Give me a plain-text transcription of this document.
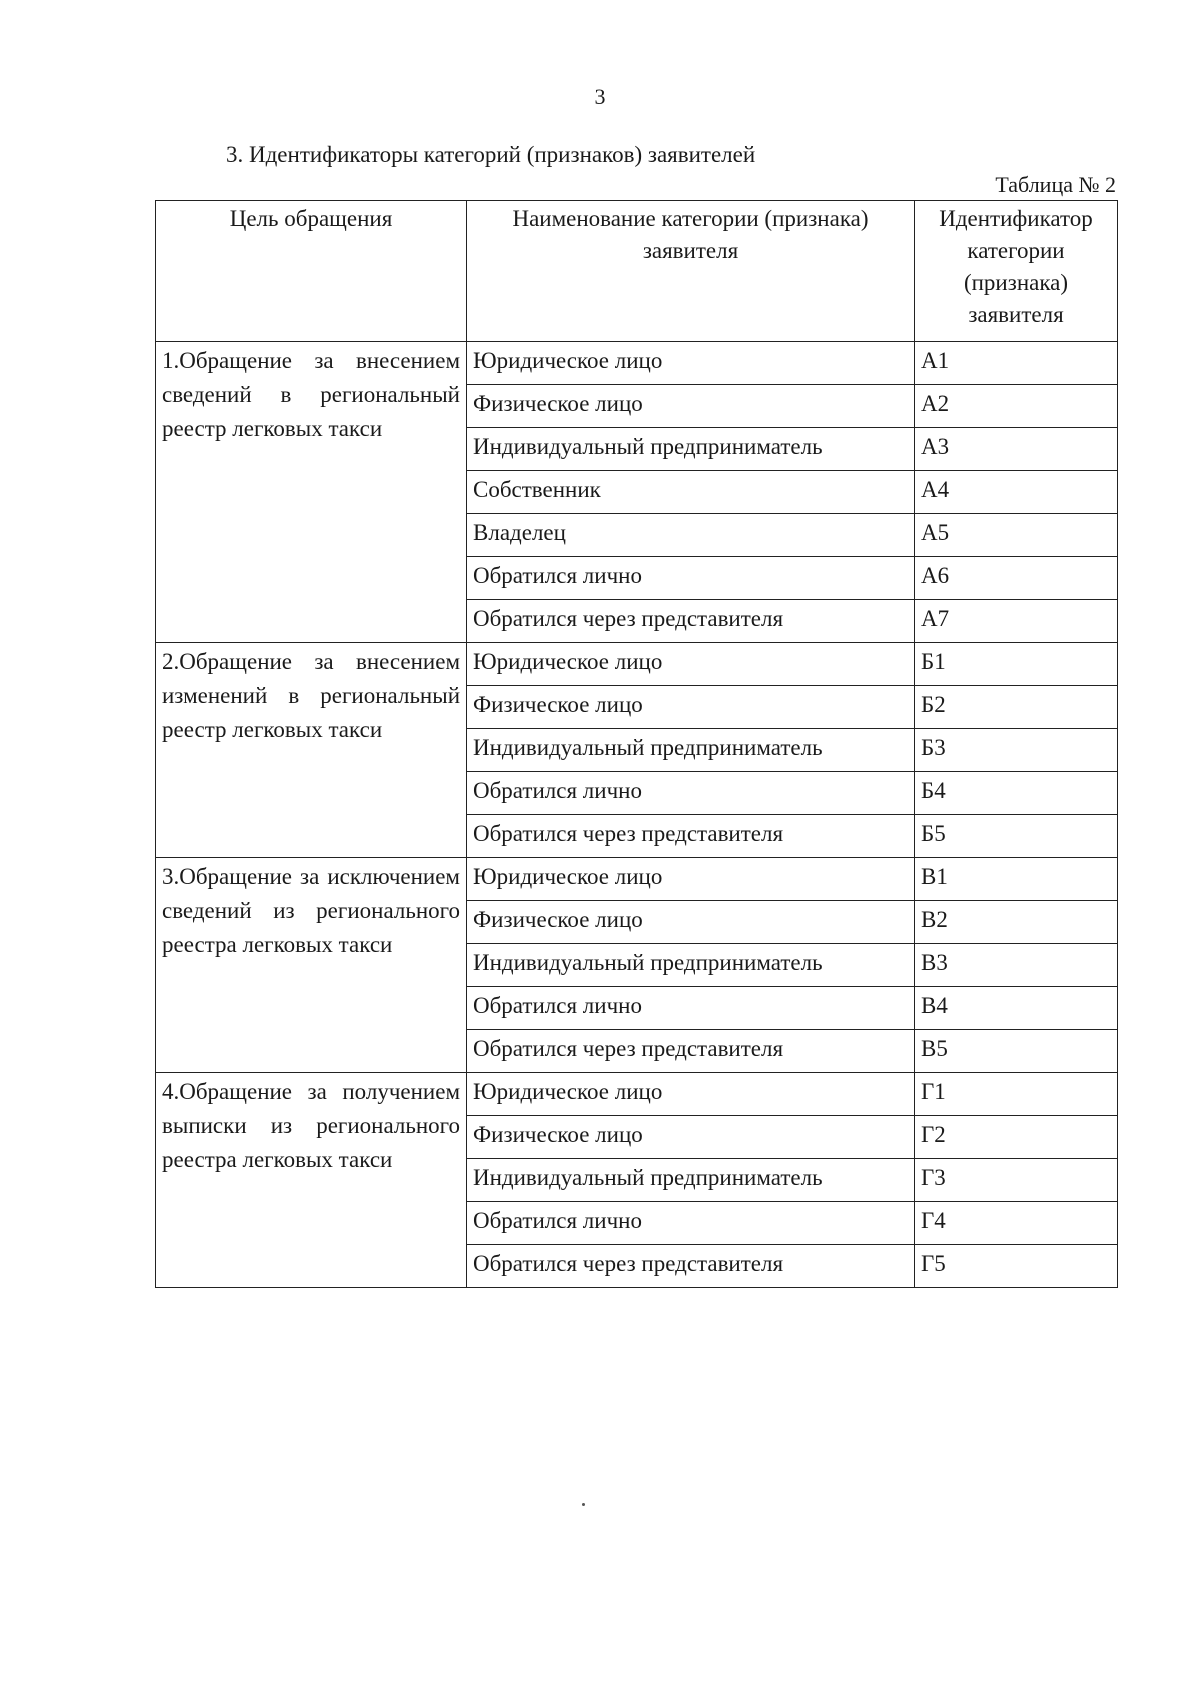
3
3. Идентификаторы категорий (признаков) заявителей
Таблица № 2
Цель обращения	Наименование категории (признака) заявителя	Идентификатор категории (признака) заявителя
1.Обращение за внесением сведений в региональный реестр легковых такси	Юридическое лицо	А1
	Физическое лицо	А2
	Индивидуальный предприниматель	А3
	Собственник	А4
	Владелец	А5
	Обратился лично	А6
	Обратился через представителя	А7
2.Обращение за внесением изменений в региональный реестр легковых такси	Юридическое лицо	Б1
	Физическое лицо	Б2
	Индивидуальный предприниматель	Б3
	Обратился лично	Б4
	Обратился через представителя	Б5
3.Обращение за исключением сведений из регионального реестра легковых такси	Юридическое лицо	В1
	Физическое лицо	В2
	Индивидуальный предприниматель	В3
	Обратился лично	В4
	Обратился через представителя	В5
4.Обращение за получением выписки из регионального реестра легковых такси	Юридическое лицо	Г1
	Физическое лицо	Г2
	Индивидуальный предприниматель	Г3
	Обратился лично	Г4
	Обратился через представителя	Г5
